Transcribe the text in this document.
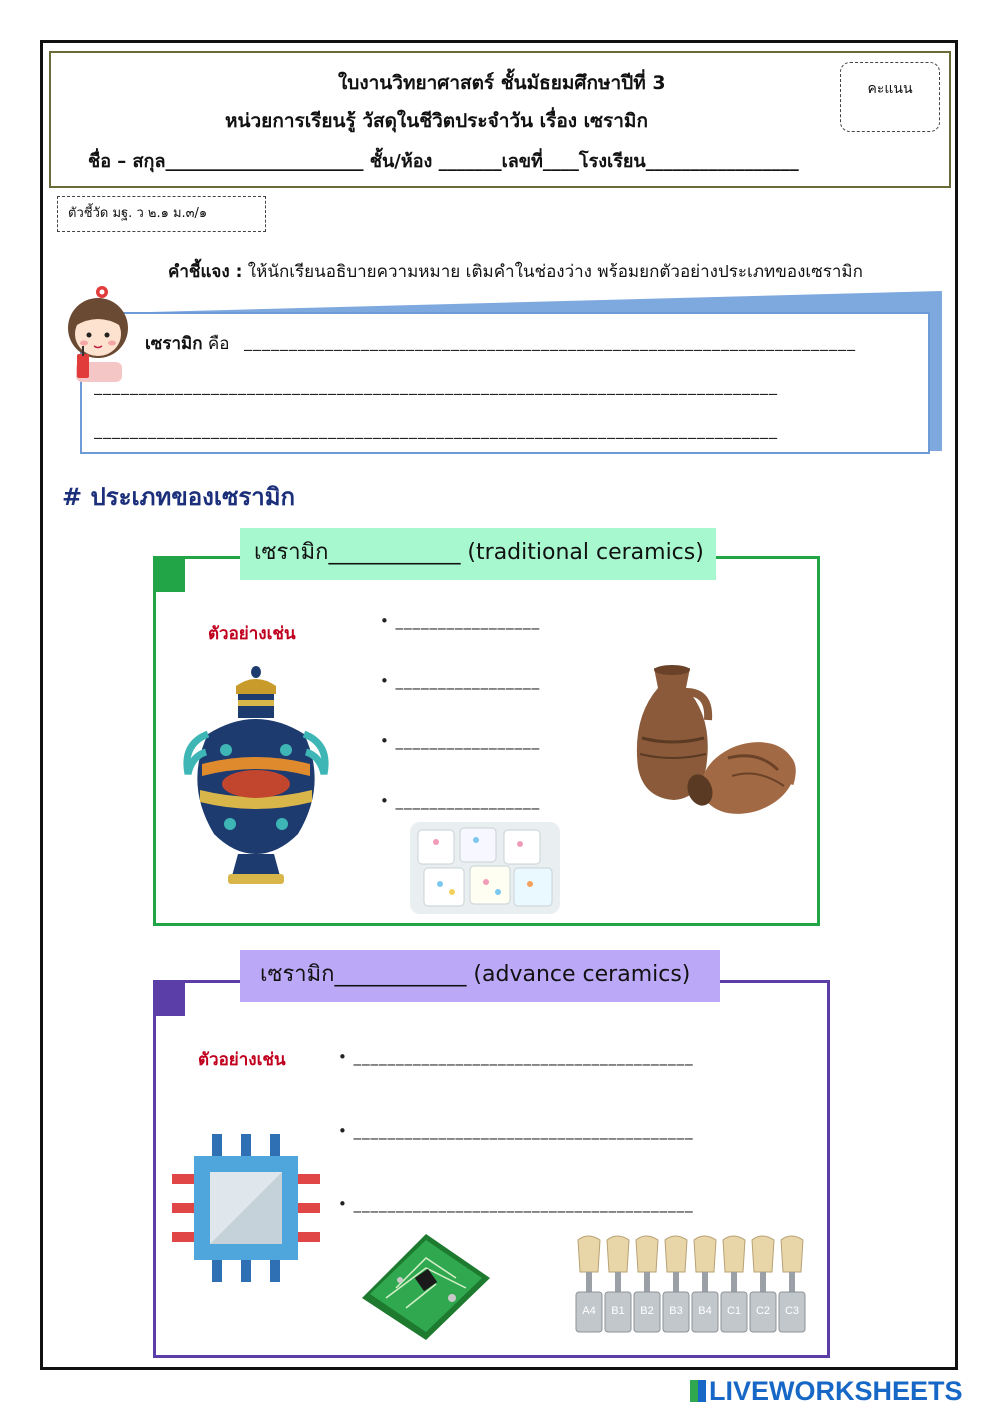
ใบงานวิทยาศาสตร์ ชั้นมัธยมศึกษาปีที่ 3
หน่วยการเรียนรู้ วัสดุในชีวิตประจำวัน เรื่อง เซรามิก
ชื่อ – สกุล______________________ ชั้น/ห้อง _______เลขที่____โรงเรียน_________________
คะแนน
ตัวชี้วัด มฐ. ว ๒.๑ ม.๓/๑
คำชี้แจง : ให้นักเรียนอธิบายความหมาย เติมคำในช่องว่าง พร้อมยกตัวอย่างประเภทของเซรามิก
เซรามิก คือ ____________________________________________________________________
____________________________________________________________________________
____________________________________________________________________________
# ประเภทของเซรามิก
เซรามิก____________ (traditional ceramics)
ตัวอย่างเช่น
• _________________
• _________________
• _________________
• _________________
เซรามิก____________ (advance ceramics)
ตัวอย่างเช่น	• ________________________________________
• ________________________________________
• ________________________________________
A4 B1 B2 B3 B4 C1 C2 C3
LIVEWORKSHEETS
